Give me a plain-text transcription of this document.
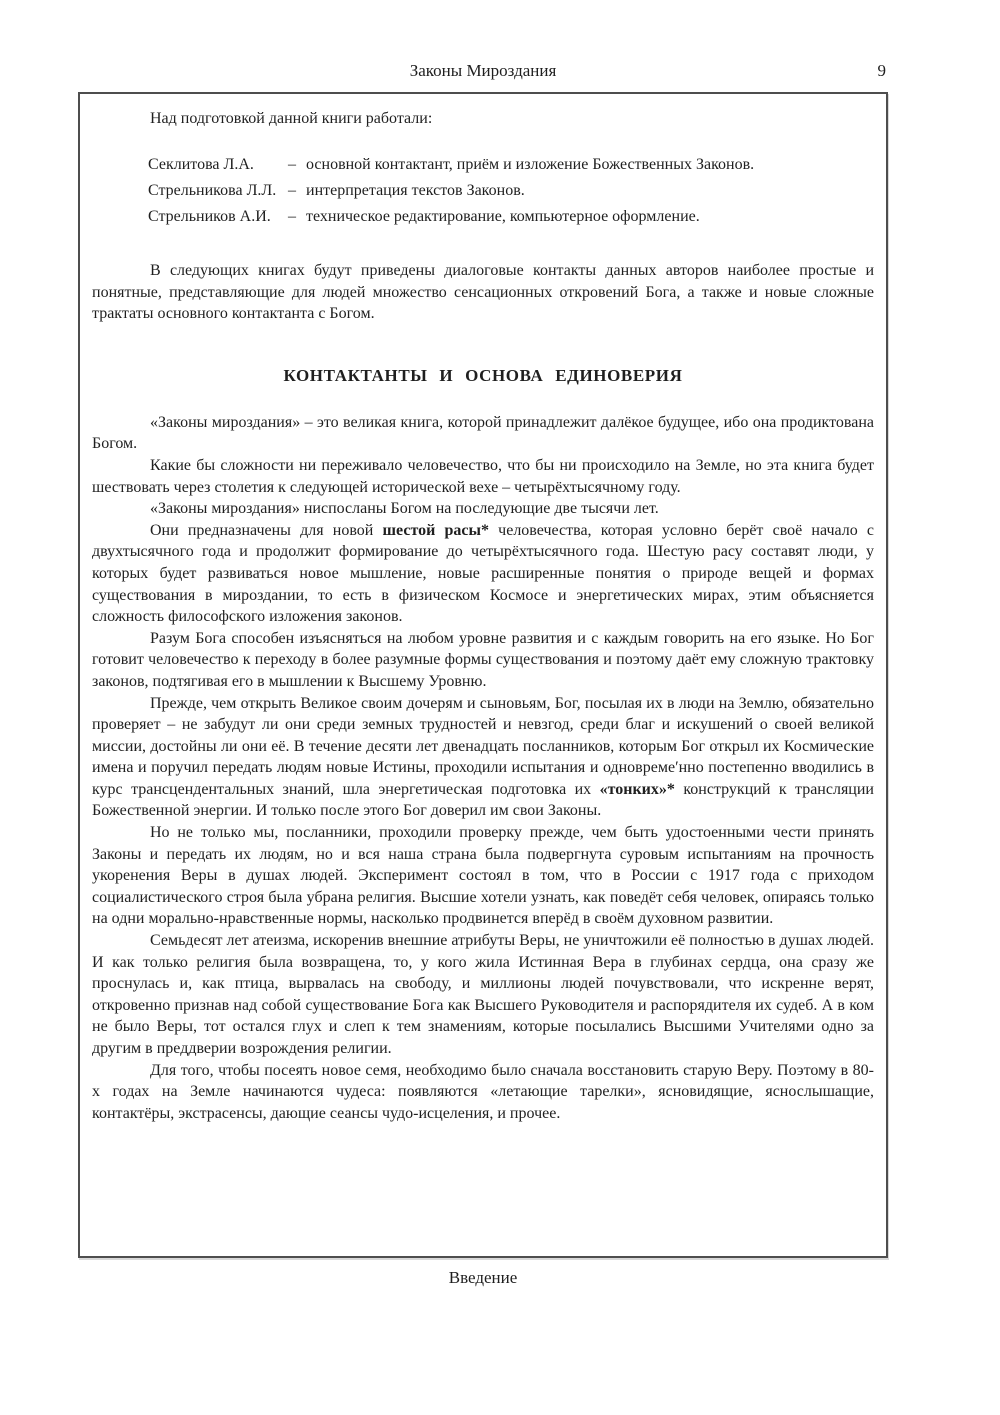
Законы Мироздания	9

Над подготовкой данной книги работали:

Секлитова Л.А.	– основной контактант, приём и изложение Божественных Законов.
Стрельникова Л.Л. – интерпретация текстов Законов.
Стрельников А.И.	– техническое редактирование, компьютерное оформление.

В следующих книгах будут приведены диалоговые контакты данных авторов наиболее простые и понятные, представляющие для людей множество сенсационных откровений Бога, а также и новые сложные трактаты основного контактанта с Богом.

КОНТАКТАНТЫ И ОСНОВА ЕДИНОВЕРИЯ

«Законы мироздания» – это великая книга, которой принадлежит далёкое будущее, ибо она продиктована Богом.

Какие бы сложности ни переживало человечество, что бы ни происходило на Земле, но эта книга будет шествовать через столетия к следующей исторической вехе – четырёхтысячному году.

«Законы мироздания» ниспосланы Богом на последующие две тысячи лет.

Они предназначены для новой шестой расы* человечества, которая условно берёт своё начало с двухтысячного года и продолжит формирование до четырёхтысячного года. Шестую расу составят люди, у которых будет развиваться новое мышление, новые расширенные понятия о природе вещей и формах существования в мироздании, то есть в физическом Космосе и энергетических мирах, этим объясняется сложность философского изложения законов.

Разум Бога способен изъясняться на любом уровне развития и с каждым говорить на его языке. Но Бог готовит человечество к переходу в более разумные формы существования и поэтому даёт ему сложную трактовку законов, подтягивая его в мышлении к Высшему Уровню.

Прежде, чем открыть Великое своим дочерям и сыновьям, Бог, посылая их в люди на Землю, обязательно проверяет – не забудут ли они среди земных трудностей и невзгод, среди благ и искушений о своей великой миссии, достойны ли они её. В течение десяти лет двенадцать посланников, которым Бог открыл их Космические имена и поручил передать людям новые Истины, проходили испытания и одновреме′нно постепенно вводились в курс трансцендентальных знаний, шла энергетическая подготовка их «тонких»* конструкций к трансляции Божественной энергии. И только после этого Бог доверил им свои Законы.

Но не только мы, посланники, проходили проверку прежде, чем быть удостоенными чести принять Законы и передать их людям, но и вся наша страна была подвергнута суровым испытаниям на прочность укоренения Веры в душах людей. Эксперимент состоял в том, что в России с 1917 года с приходом социалистического строя была убрана религия. Высшие хотели узнать, как поведёт себя человек, опираясь только на одни морально-нравственные нормы, насколько продвинется вперёд в своём духовном развитии.

Семьдесят лет атеизма, искоренив внешние атрибуты Веры, не уничтожили её полностью в душах людей. И как только религия была возвращена, то, у кого жила Истинная Вера в глубинах сердца, она сразу же проснулась и, как птица, вырвалась на свободу, и миллионы людей почувствовали, что искренне верят, откровенно признав над собой существование Бога как Высшего Руководителя и распорядителя их судеб. А в ком не было Веры, тот остался глух и слеп к тем знамениям, которые посылались Высшими Учителями одно за другим в преддверии возрождения религии.

Для того, чтобы посеять новое семя, необходимо было сначала восстановить старую Веру. Поэтому в 80-х годах на Земле начинаются чудеса: появляются «летающие тарелки», ясновидящие, яснослышащие, контактёры, экстрасенсы, дающие сеансы чудо-исцеления, и прочее.

Введение
